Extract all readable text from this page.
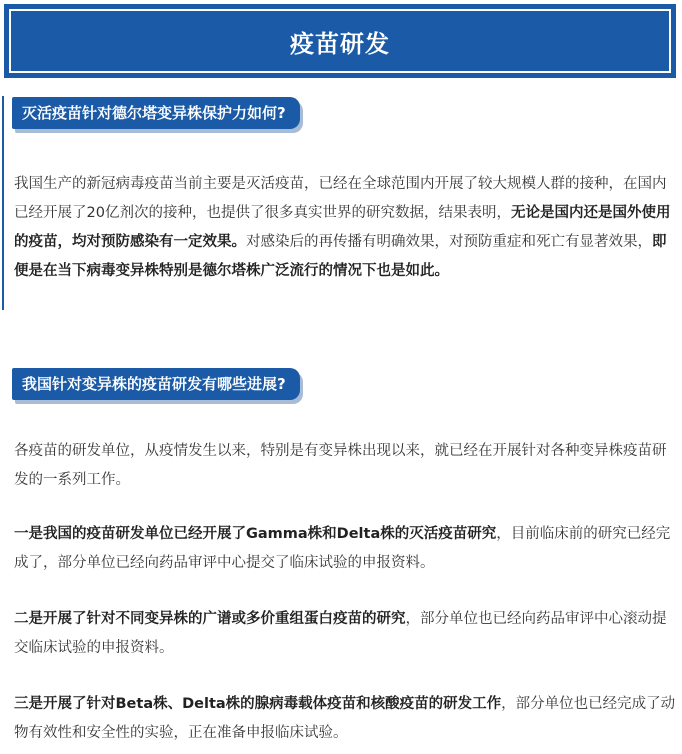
疫苗研发
灭活疫苗针对德尔塔变异株保护力如何?

我国生产的新冠病毒疫苗当前主要是灭活疫苗，已经在全球范围内开展了较大规模人群的接种，在国内已经开展了20亿剂次的接种，也提供了很多真实世界的研究数据，结果表明，无论是国内还是国外使用的疫苗，均对预防感染有一定效果。对感染后的再传播有明确效果，对预防重症和死亡有显著效果，即便是在当下病毒变异株特别是德尔塔株广泛流行的情况下也是如此。

我国针对变异株的疫苗研发有哪些进展?

各疫苗的研发单位，从疫情发生以来，特别是有变异株出现以来，就已经在开展针对各种变异株疫苗研发的一系列工作。

一是我国的疫苗研发单位已经开展了Gamma株和Delta株的灭活疫苗研究，目前临床前的研究已经完成了，部分单位已经向药品审评中心提交了临床试验的申报资料。

二是开展了针对不同变异株的广谱或多价重组蛋白疫苗的研究，部分单位也已经向药品审评中心滚动提交临床试验的申报资料。

三是开展了针对Beta株、Delta株的腺病毒载体疫苗和核酸疫苗的研发工作，部分单位也已经完成了动物有效性和安全性的实验，正在准备申报临床试验。
